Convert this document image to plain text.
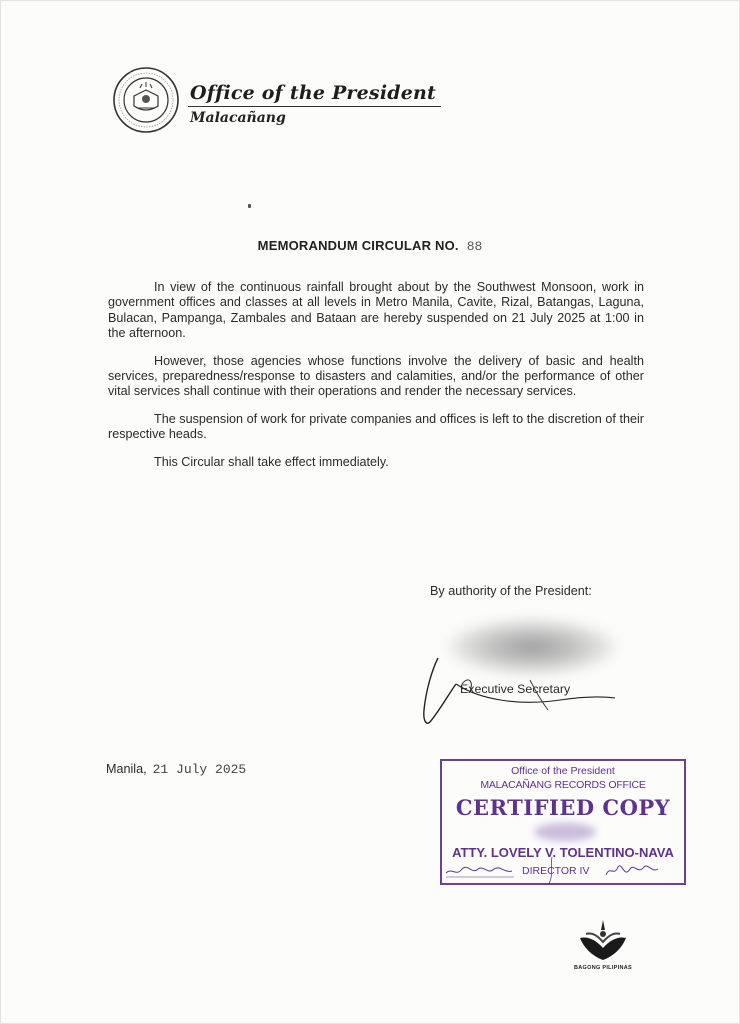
Office of the President
Malacañang
MEMORANDUM CIRCULAR NO. 88

In view of the continuous rainfall brought about by the Southwest Monsoon, work in government offices and classes at all levels in Metro Manila, Cavite, Rizal, Batangas, Laguna, Bulacan, Pampanga, Zambales and Bataan are hereby suspended on 21 July 2025 at 1:00 in the afternoon.

However, those agencies whose functions involve the delivery of basic and health services, preparedness/response to disasters and calamities, and/or the performance of other vital services shall continue with their operations and render the necessary services.

The suspension of work for private companies and offices is left to the discretion of their respective heads.

This Circular shall take effect immediately.

By authority of the President:
Executive Secretary
Manila, 21 July 2025	Office of the President
MALACAÑANG RECORDS OFFICE
CERTIFIED COPY
ATTY. LOVELY V. TOLENTINO-NAVA
DIRECTOR IV
BAGONG PILIPINAS
